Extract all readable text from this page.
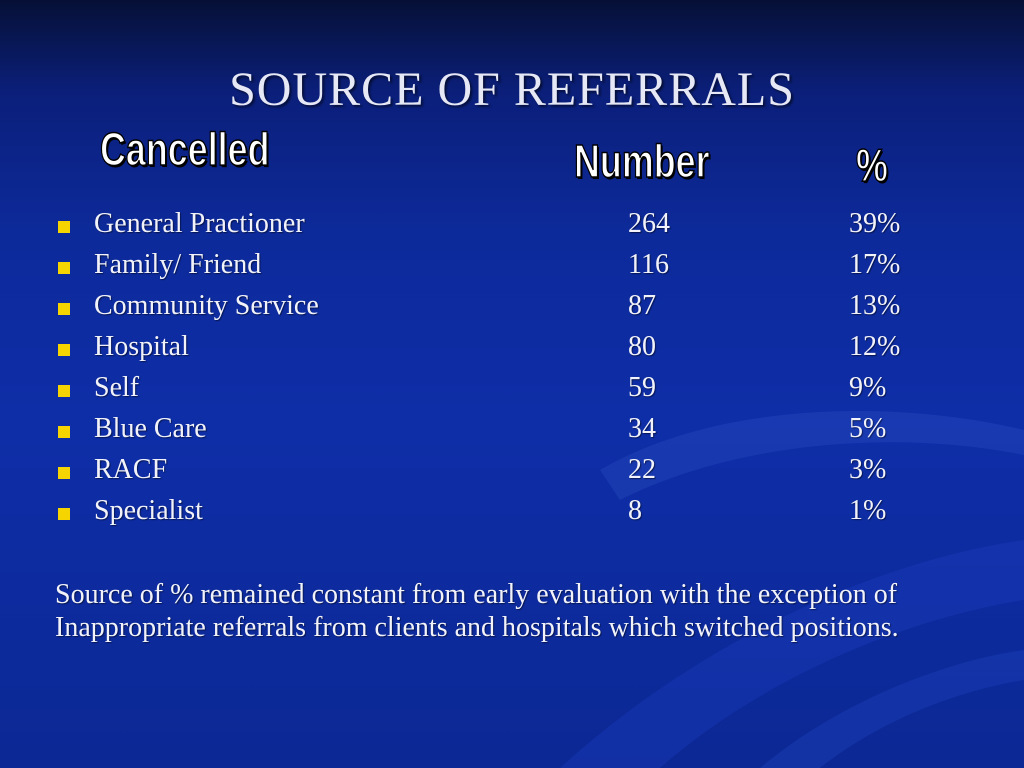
SOURCE OF REFERRALS
Cancelled	Number	%
General Practioner	264	39%
Family/ Friend	116	17%
Community Service	87	13%
Hospital	80	12%
Self	59	9%
Blue Care	34	5%
RACF	22	3%
Specialist	8	1%
Source of % remained constant from early evaluation with the exception of Inappropriate referrals from clients and hospitals which switched positions.
